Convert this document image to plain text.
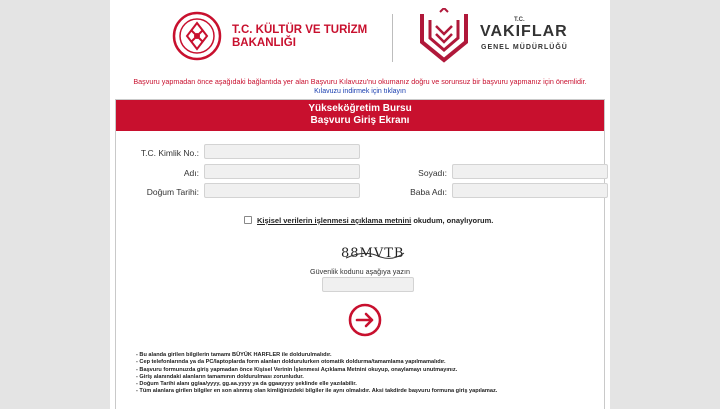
T.C. KÜLTÜR VE TURİZM
BAKANLIĞI
T.C.
VAKIFLAR
GENEL MÜDÜRLÜĞÜ
Başvuru yapmadan önce aşağıdaki bağlantıda yer alan Başvuru Kılavuzu'nu okumanız doğru ve sorunsuz bir başvuru yapmanız için önemlidir.
Kılavuzu indirmek için tıklayın
Yükseköğretim Bursu
Başvuru Giriş Ekranı
T.C. Kimlik No.:
Adı:	Soyadı:
Doğum Tarihi:	Baba Adı:
Kişisel verilerin işlenmesi açıklama metnini okudum, onaylıyorum.
88MVTB
Güvenlik kodunu aşağıya yazın
- Bu alanda girilen bilgilerin tamamı BÜYÜK HARFLER ile doldurulmalıdır.
- Cep telefonlarında ya da PC/laptoplarda form alanları doldurulurken otomatik doldurma/tamamlama yapılmamalıdır.
- Başvuru formunuzda giriş yapmadan önce Kişisel Verinin İşlenmesi Açıklama Metnini okuyup, onaylamayı unutmayınız.
- Giriş alanındaki alanların tamamının doldurulması zorunludur.
- Doğum Tarihi alanı gg/aa/yyyy, gg.aa.yyyy ya da ggaayyyy şeklinde elle yazılabilir.
- Tüm alanlara girilen bilgiler en son alınmış olan kimliğinizdeki bilgiler ile aynı olmalıdır. Aksi takdirde başvuru formuna giriş yapılamaz.
